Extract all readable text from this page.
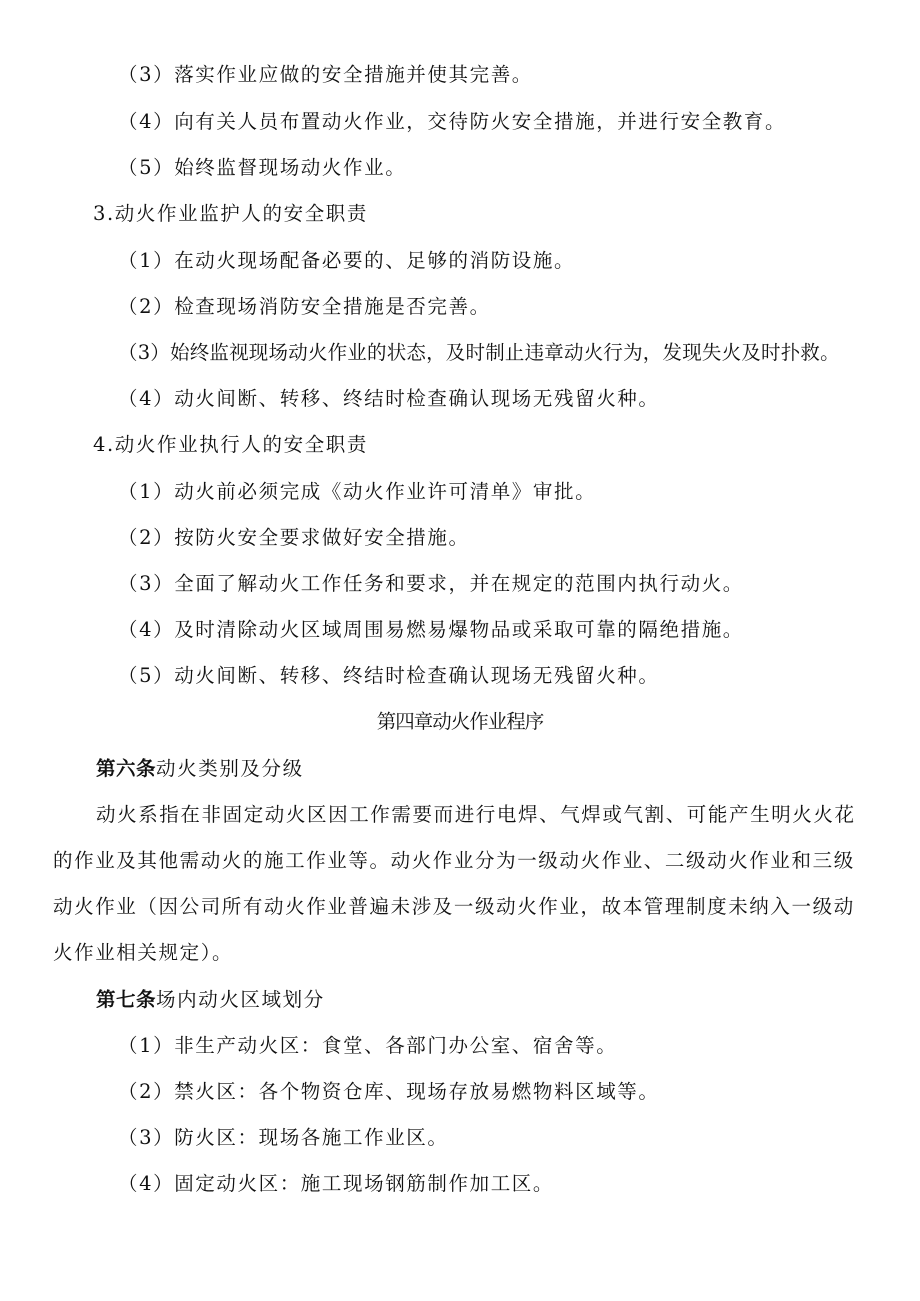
（3）落实作业应做的安全措施并使其完善。
（4）向有关人员布置动火作业，交待防火安全措施，并进行安全教育。
（5）始终监督现场动火作业。
3.动火作业监护人的安全职责
（1）在动火现场配备必要的、足够的消防设施。
（2）检查现场消防安全措施是否完善。
（3）始终监视现场动火作业的状态，及时制止违章动火行为，发现失火及时扑救。
（4）动火间断、转移、终结时检查确认现场无残留火种。
4.动火作业执行人的安全职责
（1）动火前必须完成《动火作业许可清单》审批。
（2）按防火安全要求做好安全措施。
（3）全面了解动火工作任务和要求，并在规定的范围内执行动火。
（4）及时清除动火区域周围易燃易爆物品或采取可靠的隔绝措施。
（5）动火间断、转移、终结时检查确认现场无残留火种。
第四章动火作业程序
第六条动火类别及分级
动火系指在非固定动火区因工作需要而进行电焊、气焊或气割、可能产生明火火花
的作业及其他需动火的施工作业等。动火作业分为一级动火作业、二级动火作业和三级
动火作业（因公司所有动火作业普遍未涉及一级动火作业，故本管理制度未纳入一级动
火作业相关规定）。
第七条场内动火区域划分
（1）非生产动火区：食堂、各部门办公室、宿舍等。
（2）禁火区：各个物资仓库、现场存放易燃物料区域等。
（3）防火区：现场各施工作业区。
（4）固定动火区：施工现场钢筋制作加工区。
